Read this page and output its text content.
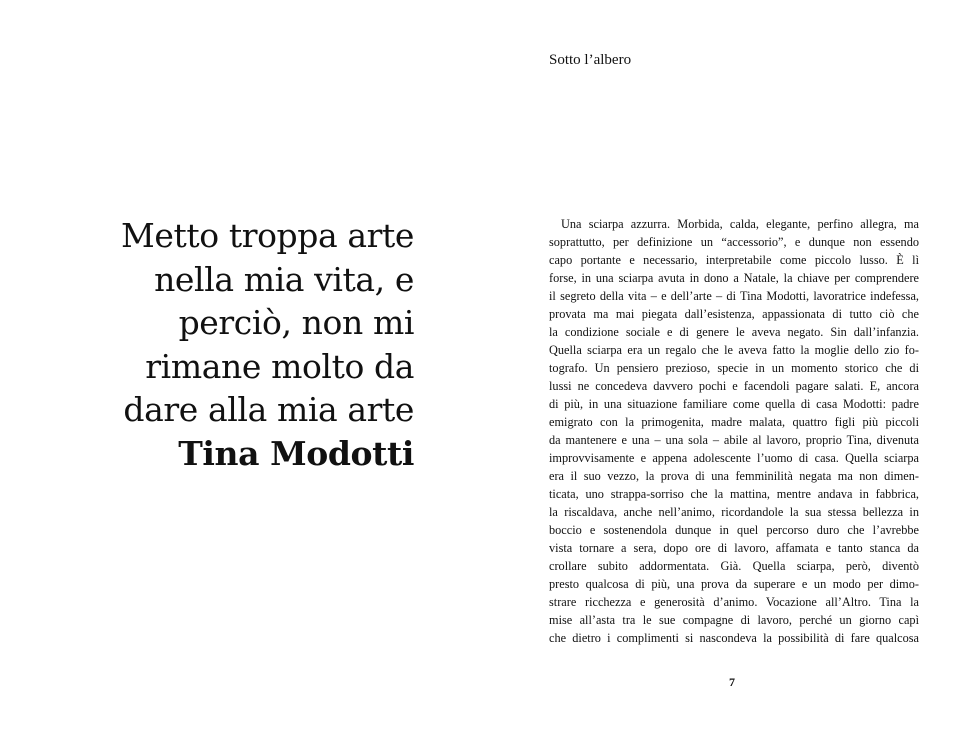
Metto troppa arte
nella mia vita, e
perciò, non mi
rimane molto da
dare alla mia arte
Tina Modotti
Sotto l’albero
Una sciarpa azzurra. Morbida, calda, elegante, perfino allegra, ma
soprattutto, per definizione un “accessorio”, e dunque non essendo
capo portante e necessario, interpretabile come piccolo lusso. È lì
forse, in una sciarpa avuta in dono a Natale, la chiave per comprendere
il segreto della vita – e dell’arte – di Tina Modotti, lavoratrice indefessa,
provata ma mai piegata dall’esistenza, appassionata di tutto ciò che
la condizione sociale e di genere le aveva negato. Sin dall’infanzia.
Quella sciarpa era un regalo che le aveva fatto la moglie dello zio fo-
tografo. Un pensiero prezioso, specie in un momento storico che di
lussi ne concedeva davvero pochi e facendoli pagare salati. E, ancora
di più, in una situazione familiare come quella di casa Modotti: padre
emigrato con la primogenita, madre malata, quattro figli più piccoli
da mantenere e una – una sola – abile al lavoro, proprio Tina, divenuta
improvvisamente e appena adolescente l’uomo di casa. Quella sciarpa
era il suo vezzo, la prova di una femminilità negata ma non dimen-
ticata, uno strappa-sorriso che la mattina, mentre andava in fabbrica,
la riscaldava, anche nell’animo, ricordandole la sua stessa bellezza in
boccio e sostenendola dunque in quel percorso duro che l’avrebbe
vista tornare a sera, dopo ore di lavoro, affamata e tanto stanca da
crollare subito addormentata. Già. Quella sciarpa, però, diventò
presto qualcosa di più, una prova da superare e un modo per dimo-
strare ricchezza e generosità d’animo. Vocazione all’Altro. Tina la
mise all’asta tra le sue compagne di lavoro, perché un giorno capì
che dietro i complimenti si nascondeva la possibilità di fare qualcosa
7
